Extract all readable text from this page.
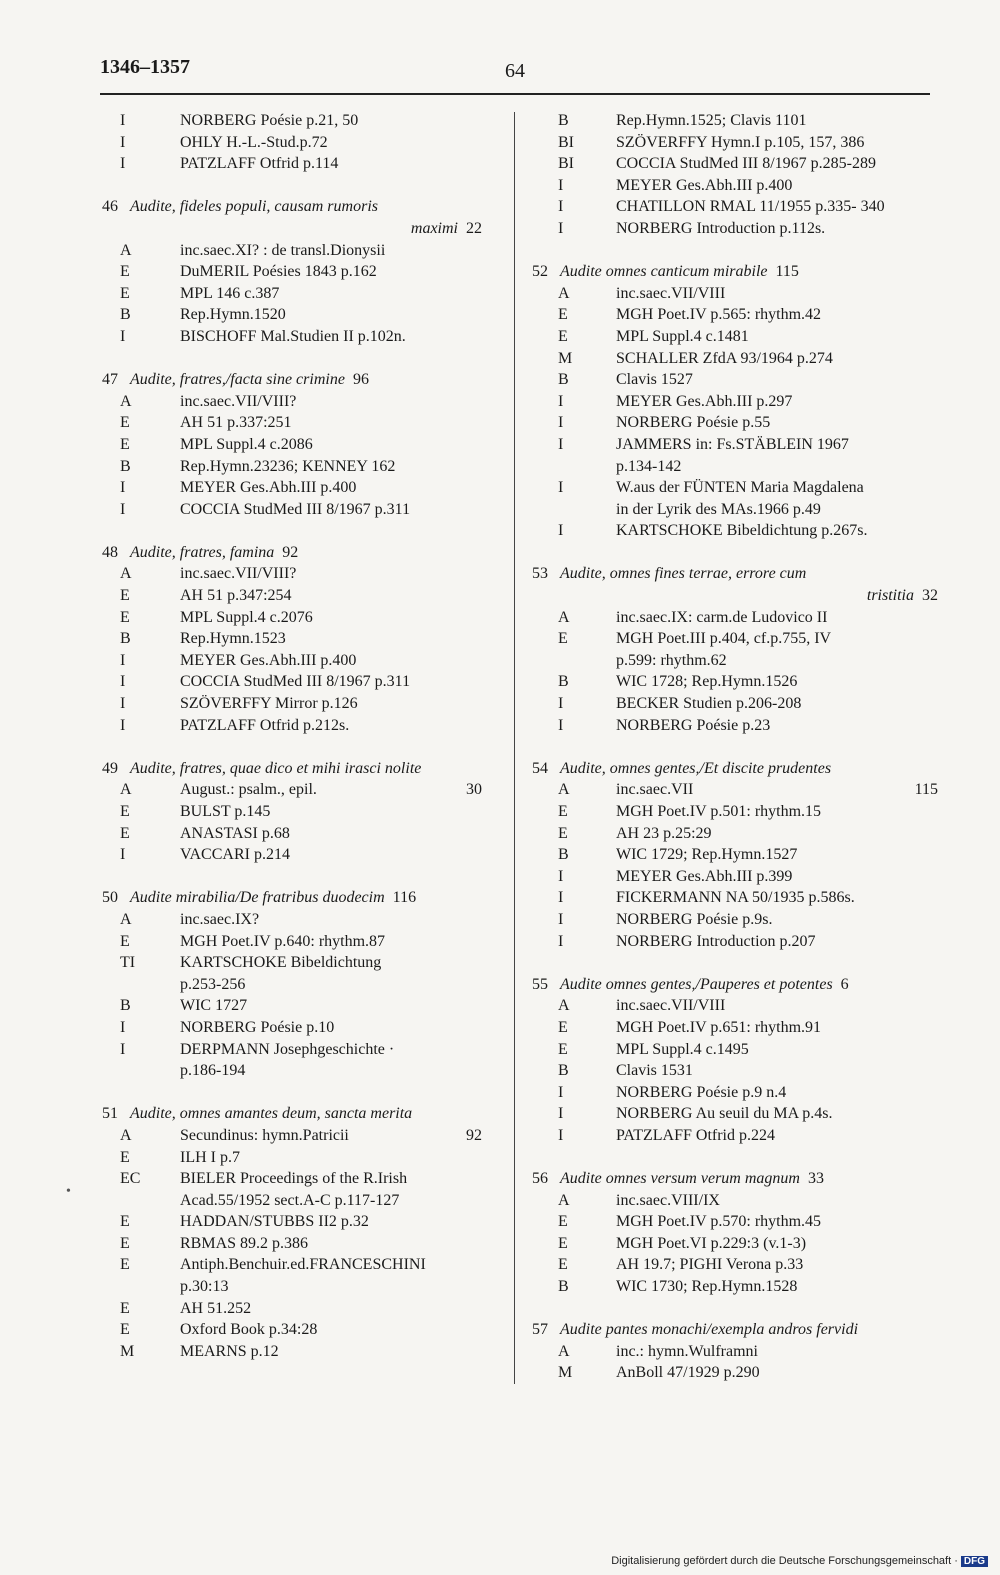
1346–1357	64
I	NORBERG Poésie p.21, 50
I	OHLY H.-L.-Stud.p.72
I	PATZLAFF Otfrid p.114
46 Audite, fideles populi, causam rumoris
maximi 22
A	inc.saec.XI? : de transl.Dionysii
E	DuMERIL Poésies 1843 p.162
E	MPL 146 c.387
B	Rep.Hymn.1520
I	BISCHOFF Mal.Studien II p.102n.
47 Audite, fratres,/facta sine crimine 96
A	inc.saec.VII/VIII?
E	AH 51 p.337:251
E	MPL Suppl.4 c.2086
B	Rep.Hymn.23236; KENNEY 162
I	MEYER Ges.Abh.III p.400
I	COCCIA StudMed III 8/1967 p.311
48 Audite, fratres, famina 92
A	inc.saec.VII/VIII?
E	AH 51 p.347:254
E	MPL Suppl.4 c.2076
B	Rep.Hymn.1523
I	MEYER Ges.Abh.III p.400
I	COCCIA StudMed III 8/1967 p.311
I	SZÖVERFFY Mirror p.126
I	PATZLAFF Otfrid p.212s.
49 Audite, fratres, quae dico et mihi irasci nolite
A	August.: psalm., epil.	30
E	BULST p.145
E	ANASTASI p.68
I	VACCARI p.214
50 Audite mirabilia/De fratribus duodecim 116
A	inc.saec.IX?
E	MGH Poet.IV p.640: rhythm.87
TI	KARTSCHOKE Bibeldichtung
p.253-256
B	WIC 1727
I	NORBERG Poésie p.10
I	DERPMANN Josephgeschichte ·
p.186-194
51 Audite, omnes amantes deum, sancta merita
A	Secundinus: hymn.Patricii	92
E	ILH I p.7
EC BIELER Proceedings of the R.Irish
Acad.55/1952 sect.A-C p.117-127
E	HADDAN/STUBBS II2 p.32
E	RBMAS 89.2 p.386
E	Antiph.Benchuir.ed.FRANCESCHINI
p.30:13
E	AH 51.252
E	Oxford Book p.34:28
M	MEARNS p.12
B	Rep.Hymn.1525; Clavis 1101
BI	SZÖVERFFY Hymn.I p.105, 157, 386
BI	COCCIA StudMed III 8/1967 p.285-289
I	MEYER Ges.Abh.III p.400
I	CHATILLON RMAL 11/1955 p.335- 340
I	NORBERG Introduction p.112s.
52 Audite omnes canticum mirabile 115
A	inc.saec.VII/VIII
E	MGH Poet.IV p.565: rhythm.42
E	MPL Suppl.4 c.1481
M	SCHALLER ZfdA 93/1964 p.274
B	Clavis 1527
I	MEYER Ges.Abh.III p.297
I	NORBERG Poésie p.55
I	JAMMERS in: Fs.STÄBLEIN 1967
p.134-142
I	W.aus der FÜNTEN Maria Magdalena
in der Lyrik des MAs.1966 p.49
I	KARTSCHOKE Bibeldichtung p.267s.
53 Audite, omnes fines terrae, errore cum
tristitia 32
A	inc.saec.IX: carm.de Ludovico II
E	MGH Poet.III p.404, cf.p.755, IV
p.599: rhythm.62
B	WIC 1728; Rep.Hymn.1526
I	BECKER Studien p.206-208
I	NORBERG Poésie p.23
54 Audite, omnes gentes,/Et discite prudentes
A	inc.saec.VII	115
E	MGH Poet.IV p.501: rhythm.15
E	AH 23 p.25:29
B	WIC 1729; Rep.Hymn.1527
I	MEYER Ges.Abh.III p.399
I	FICKERMANN NA 50/1935 p.586s.
I	NORBERG Poésie p.9s.
I	NORBERG Introduction p.207
55 Audite omnes gentes,/Pauperes et potentes 6
A	inc.saec.VII/VIII
E	MGH Poet.IV p.651: rhythm.91
E	MPL Suppl.4 c.1495
B	Clavis 1531
I	NORBERG Poésie p.9 n.4
I	NORBERG Au seuil du MA p.4s.
I	PATZLAFF Otfrid p.224
56 Audite omnes versum verum magnum 33
A	inc.saec.VIII/IX
E	MGH Poet.IV p.570: rhythm.45
E	MGH Poet.VI p.229:3 (v.1-3)
E	AH 19.7; PIGHI Verona p.33
B	WIC 1730; Rep.Hymn.1528
57 Audite pantes monachi/exempla andros fervidi
A	inc.: hymn.Wulframni
M	AnBoll 47/1929 p.290
•
Digitalisierung gefördert durch die Deutsche Forschungsgemeinschaft · DFG
